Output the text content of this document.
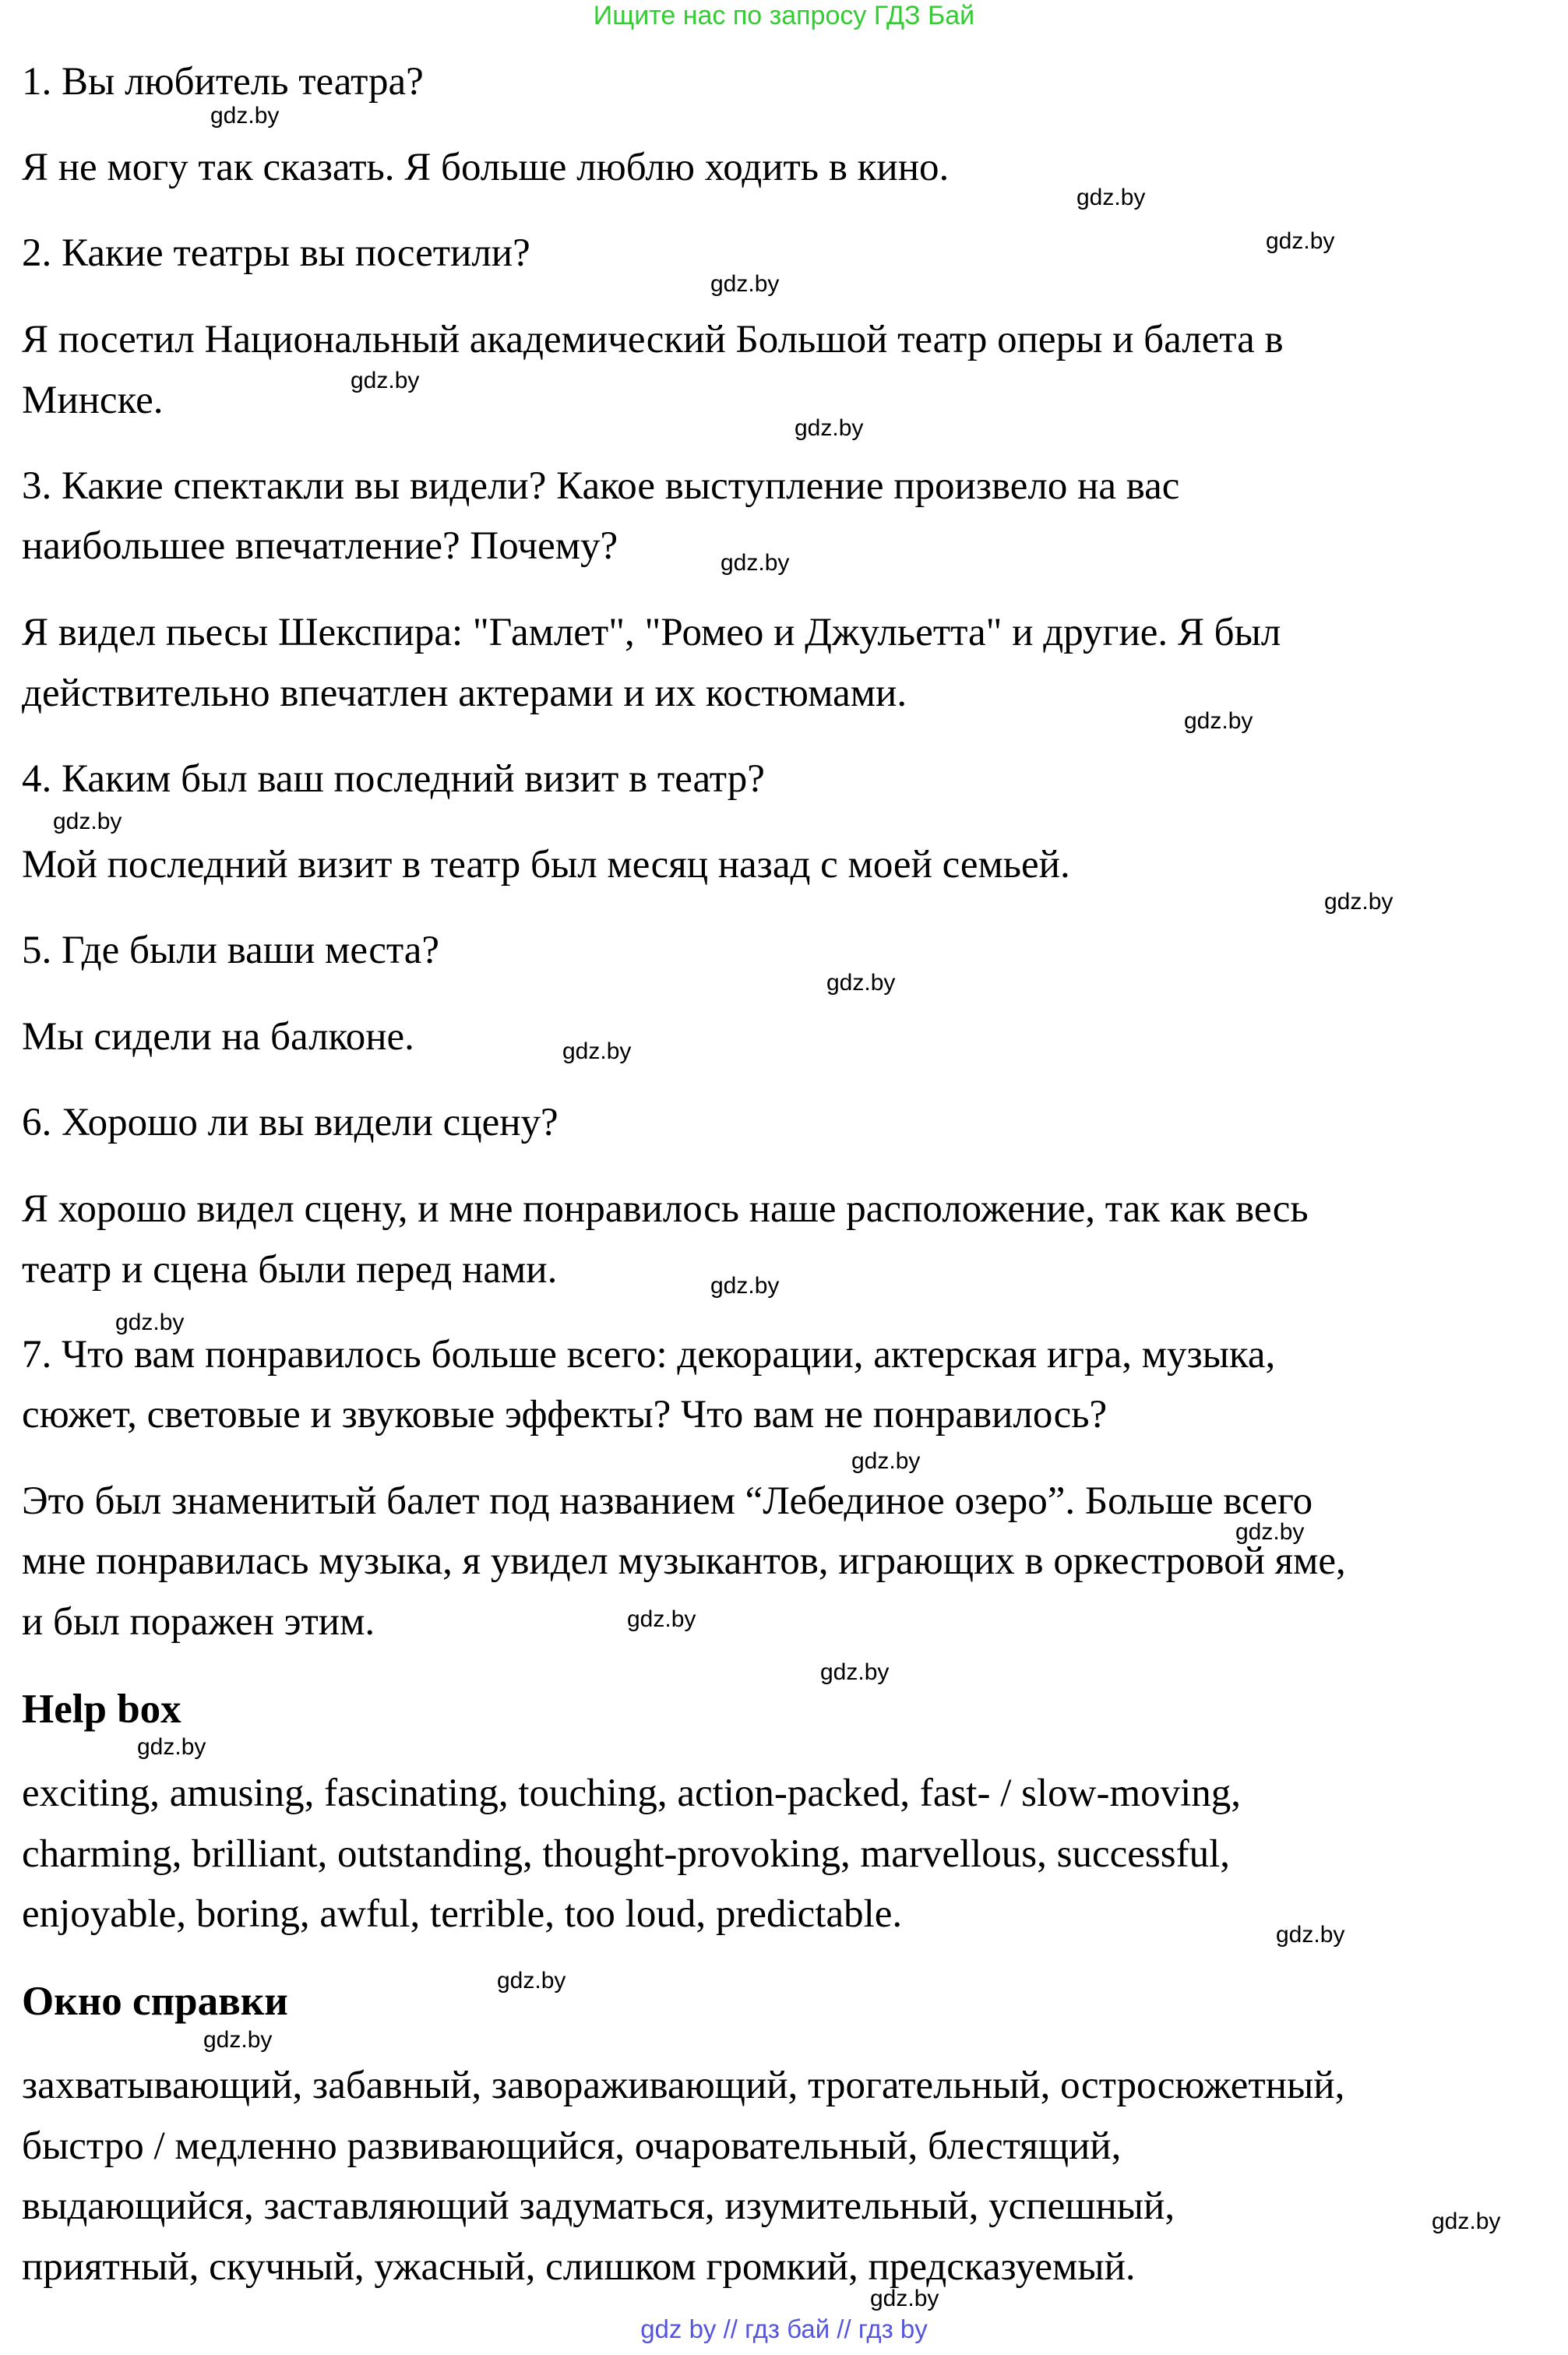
Ищите нас по запросу ГДЗ Бай
1. Вы любитель театра?
Я не могу так сказать. Я больше люблю ходить в кино.
2. Какие театры вы посетили?
Я посетил Национальный академический Большой театр оперы и балета в
Минске.
3. Какие спектакли вы видели? Какое выступление произвело на вас
наибольшее впечатление? Почему?
Я видел пьесы Шекспира: "Гамлет", "Ромео и Джульетта" и другие. Я был
действительно впечатлен актерами и их костюмами.
4. Каким был ваш последний визит в театр?
Мой последний визит в театр был месяц назад с моей семьей.
5. Где были ваши места?
Мы сидели на балконе.
6. Хорошо ли вы видели сцену?
Я хорошо видел сцену, и мне понравилось наше расположение, так как весь
театр и сцена были перед нами.
7. Что вам понравилось больше всего: декорации, актерская игра, музыка,
сюжет, световые и звуковые эффекты? Что вам не понравилось?
Это был знаменитый балет под названием “Лебединое озеро”. Больше всего
мне понравилась музыка, я увидел музыкантов, играющих в оркестровой яме,
и был поражен этим.
Help box
exciting, amusing, fascinating, touching, action-packed, fast- / slow-moving,
charming, brilliant, outstanding, thought-provoking, marvellous, successful,
enjoyable, boring, awful, terrible, too loud, predictable.
Окно справки
захватывающий, забавный, завораживающий, трогательный, остросюжетный,
быстро / медленно развивающийся, очаровательный, блестящий,
выдающийся, заставляющий задуматься, изумительный, успешный,
приятный, скучный, ужасный, слишком громкий, предсказуемый.
gdz.by
gdz.by
gdz.by
gdz.by
gdz.by
gdz.by
gdz.by
gdz.by
gdz.by
gdz.by
gdz.by
gdz.by
gdz.by
gdz.by
gdz.by
gdz.by
gdz.by
gdz.by
gdz.by
gdz.by
gdz.by
gdz.by
gdz.by
gdz.by
gdz by // гдз бай // гдз by
